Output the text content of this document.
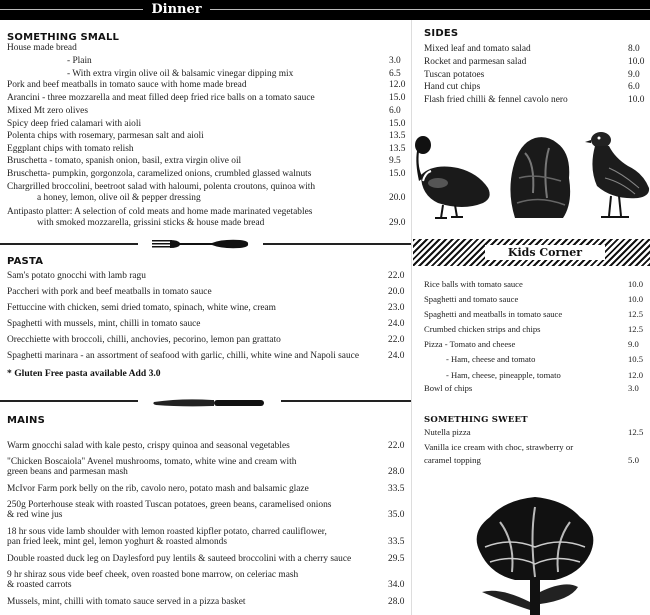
Dinner
SOMETHING SMALL
House made bread
- Plain	3.0
- With extra virgin olive oil & balsamic vinegar dipping mix	6.5
Pork and beef meatballs in tomato sauce with home made bread	12.0
Arancini - three mozzarella and meat filled deep fried rice balls on a tomato sauce	15.0
Mixed Mt zero olives	6.0
Spicy deep fried calamari with aioli	15.0
Polenta chips with rosemary, parmesan salt and aioli	13.5
Eggplant chips with tomato relish	13.5
Bruschetta - tomato, spanish onion, basil, extra virgin olive oil	9.5
Bruschetta- pumpkin, gorgonzola, caramelized onions, crumbled glassed walnuts	15.0
Chargrilled broccolini, beetroot salad with haloumi, polenta croutons, quinoa with
a honey, lemon, olive oil & pepper dressing	20.0
Antipasto platter: A selection of cold meats and home made marinated vegetables
with smoked mozzarella, grissini sticks & house made bread	29.0
PASTA
Sam's potato gnocchi with lamb ragu	22.0
Paccheri with pork and beef meatballs in tomato sauce	20.0
Fettuccine with chicken, semi dried tomato, spinach, white wine, cream	23.0
Spaghetti with mussels, mint, chilli in tomato sauce	24.0
Orecchiette with broccoli, chilli, anchovies, pecorino, lemon pan grattato	22.0
Spaghetti marinara - an assortment of seafood with garlic, chilli, white wine and Napoli sauce	24.0
* Gluten Free pasta available Add 3.0
MAINS
Warm gnocchi salad with kale pesto, crispy quinoa and seasonal vegetables	22.0
"Chicken Boscaiola" Avenel mushrooms, tomato, white wine and cream with
green beans and parmesan mash	28.0
McIvor Farm pork belly on the rib, cavolo nero, potato mash and balsamic glaze	33.5
250g Porterhouse steak with roasted Tuscan potatoes, green beans, caramelised onions
& red wine jus	35.0
18 hr sous vide lamb shoulder with lemon roasted kipfler potato, charred cauliflower,
pan fried leek, mint gel, lemon yoghurt & roasted almonds	33.5
Double roasted duck leg on Daylesford puy lentils & sauteed broccolini with a cherry sauce	29.5
9 hr shiraz sous vide beef cheek, oven roasted bone marrow, on celeriac mash
& roasted carrots	34.0
Mussels, mint, chilli with tomato sauce served in a pizza basket	28.0
SIDES
Mixed leaf and tomato salad	8.0
Rocket and parmesan salad	10.0
Tuscan potatoes	9.0
Hand cut chips	6.0
Flash fried chilli & fennel cavolo nero	10.0
Kids Corner
Rice balls with tomato sauce	10.0
Spaghetti and tomato sauce	10.0
Spaghetti and meatballs in tomato sauce	12.5
Crumbed chicken strips and chips	12.5
Pizza - Tomato and cheese	9.0
- Ham, cheese and tomato	10.5
- Ham, cheese, pineapple, tomato	12.0
Bowl of chips	3.0
SOMETHING SWEET
Nutella pizza	12.5
Vanilla ice cream with choc, strawberry or
caramel topping	5.0
